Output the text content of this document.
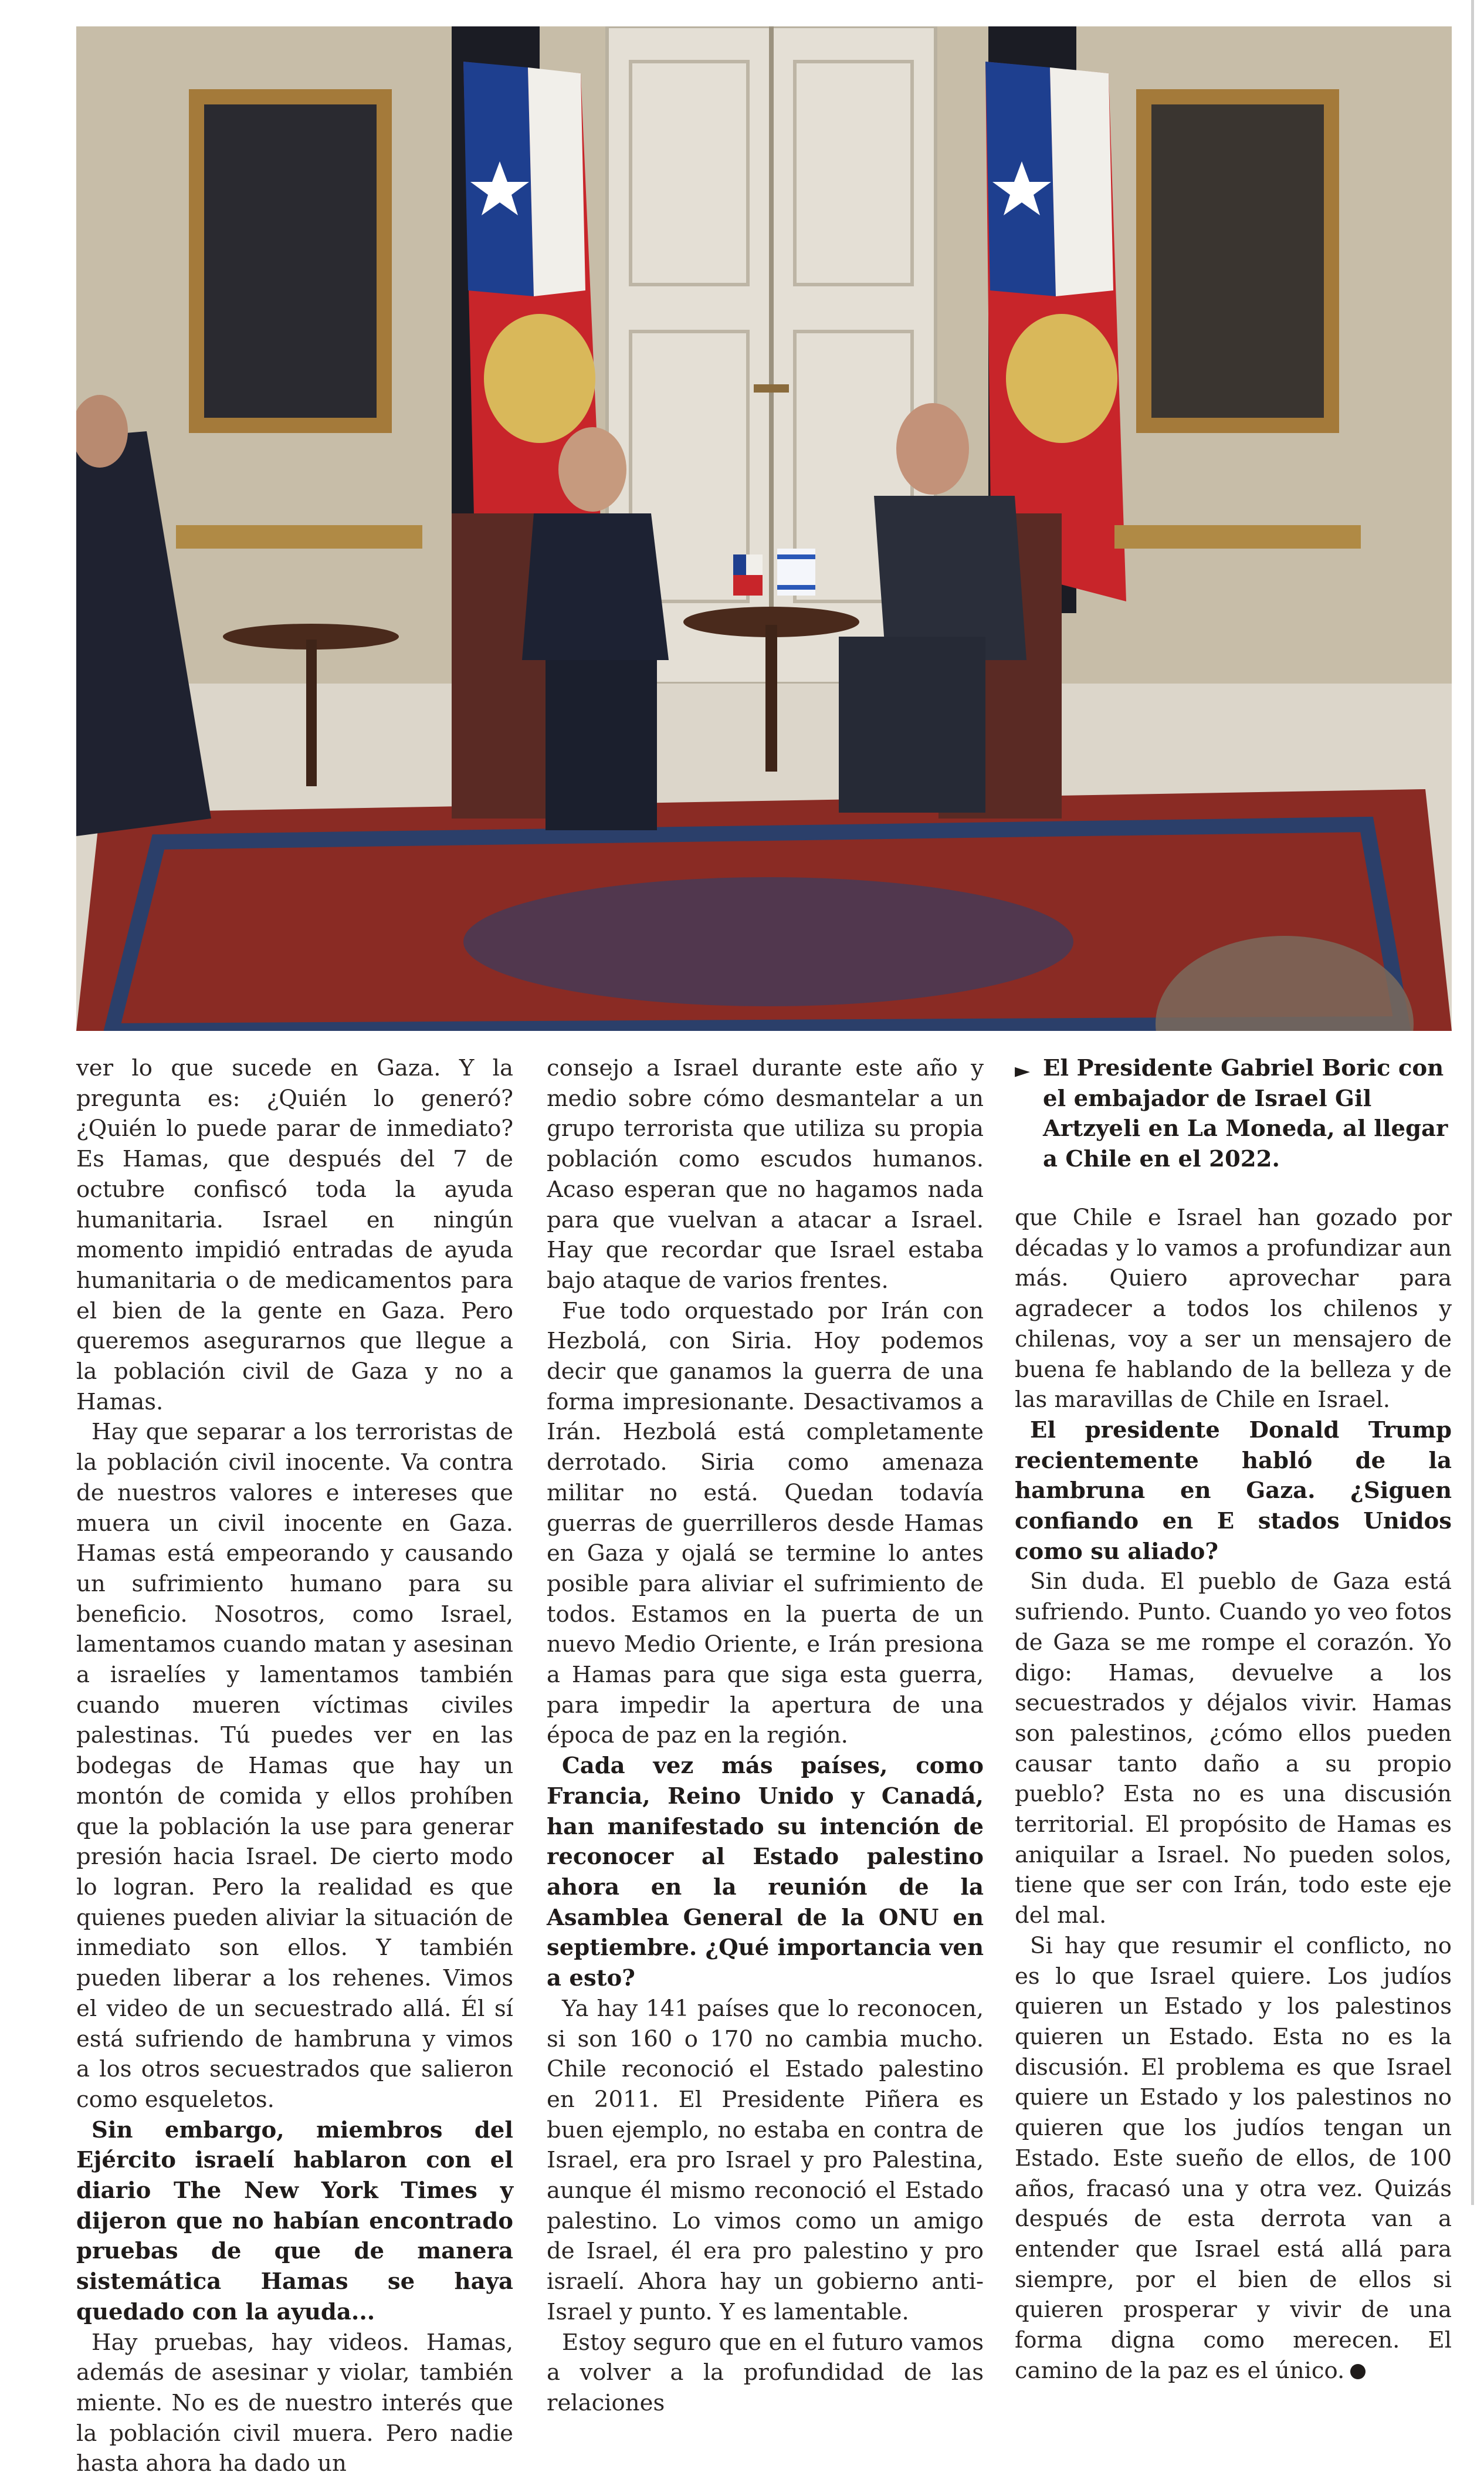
ver lo que sucede en Gaza. Y la pregunta es: ¿Quién lo generó? ¿Quién lo puede parar de inmediato? Es Hamas, que después del 7 de octubre confiscó toda la ayuda humanitaria. Israel en ningún momento impidió entradas de ayuda humanitaria o de medicamentos para el bien de la gente en Gaza. Pero queremos asegurarnos que llegue a la población civil de Gaza y no a Hamas.

Hay que separar a los terroristas de la población civil inocente. Va contra de nuestros valores e intereses que muera un civil inocente en Gaza. Hamas está empeorando y causando un sufrimiento humano para su beneficio. Nosotros, como Israel, lamentamos cuando matan y asesinan a israelíes y lamentamos también cuando mueren víctimas civiles palestinas. Tú puedes ver en las bodegas de Hamas que hay un montón de comida y ellos prohíben que la población la use para generar presión hacia Israel. De cierto modo lo logran. Pero la realidad es que quienes pueden aliviar la situación de inmediato son ellos. Y también pueden liberar a los rehenes. Vimos el video de un secuestrado allá. Él sí está sufriendo de hambruna y vimos a los otros secuestrados que salieron como esqueletos.

Sin embargo, miembros del Ejército israelí hablaron con el diario The New York Times y dijeron que no habían encontrado pruebas de que de manera sistemática Hamas se haya quedado con la ayuda...

Hay pruebas, hay videos. Hamas, además de asesinar y violar, también miente. No es de nuestro interés que la población civil muera. Pero nadie hasta ahora ha dado un

consejo a Israel durante este año y medio sobre cómo desmantelar a un grupo terrorista que utiliza su propia población como escudos humanos. Acaso esperan que no hagamos nada para que vuelvan a atacar a Israel. Hay que recordar que Israel estaba bajo ataque de varios frentes.

Fue todo orquestado por Irán con Hezbolá, con Siria. Hoy podemos decir que ganamos la guerra de una forma impresionante. Desactivamos a Irán. Hezbolá está completamente derrotado. Siria como amenaza militar no está. Quedan todavía guerras de guerrilleros desde Hamas en Gaza y ojalá se termine lo antes posible para aliviar el sufrimiento de todos. Estamos en la puerta de un nuevo Medio Oriente, e Irán presiona a Hamas para que siga esta guerra, para impedir la apertura de una época de paz en la región.

Cada vez más países, como Francia, Reino Unido y Canadá, han manifestado su intención de reconocer al Estado palestino ahora en la reunión de la Asamblea General de la ONU en septiembre. ¿Qué importancia ven a esto?

Ya hay 141 países que lo reconocen, si son 160 o 170 no cambia mucho. Chile reconoció el Estado palestino en 2011. El Presidente Piñera es buen ejemplo, no estaba en contra de Israel, era pro Israel y pro Palestina, aunque él mismo reconoció el Estado palestino. Lo vimos como un amigo de Israel, él era pro palestino y pro israelí. Ahora hay un gobierno anti-Israel y punto. Y es lamentable.

Estoy seguro que en el futuro vamos a volver a la profundidad de las relaciones

► El Presidente Gabriel Boric con el embajador de Israel Gil Artzyeli en La Moneda, al llegar a Chile en el 2022.

que Chile e Israel han gozado por décadas y lo vamos a profundizar aun más. Quiero aprovechar para agradecer a todos los chilenos y chilenas, voy a ser un mensajero de buena fe hablando de la belleza y de las maravillas de Chile en Israel.

El presidente Donald Trump recientemente habló de la hambruna en Gaza. ¿Siguen confiando en E stados Unidos como su aliado?

Sin duda. El pueblo de Gaza está sufriendo. Punto. Cuando yo veo fotos de Gaza se me rompe el corazón. Yo digo: Hamas, devuelve a los secuestrados y déjalos vivir. Hamas son palestinos, ¿cómo ellos pueden causar tanto daño a su propio pueblo? Esta no es una discusión territorial. El propósito de Hamas es aniquilar a Israel. No pueden solos, tiene que ser con Irán, todo este eje del mal.

Si hay que resumir el conflicto, no es lo que Israel quiere. Los judíos quieren un Estado y los palestinos quieren un Estado. Esta no es la discusión. El problema es que Israel quiere un Estado y los palestinos no quieren que los judíos tengan un Estado. Este sueño de ellos, de 100 años, fracasó una y otra vez. Quizás después de esta derrota van a entender que Israel está allá para siempre, por el bien de ellos si quieren prosperar y vivir de una forma digna como merecen. El camino de la paz es el único.
